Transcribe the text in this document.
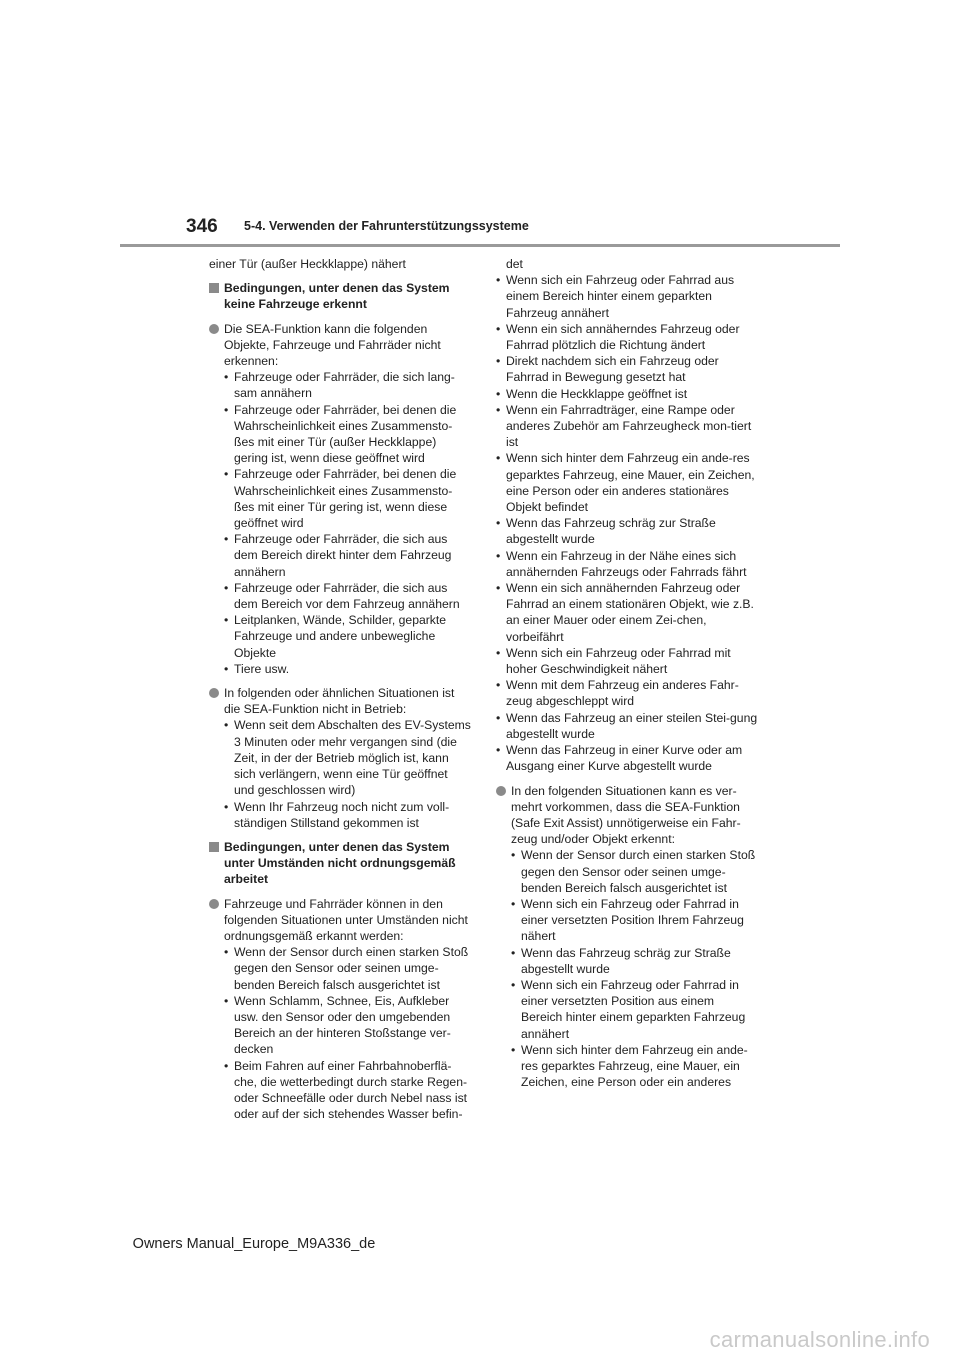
346 5-4. Verwenden der Fahrunterstützungssysteme
einer Tür (außer Heckklappe) nähert
Bedingungen, unter denen das System keine Fahrzeuge erkennt
Die SEA-Funktion kann die folgenden Objekte, Fahrzeuge und Fahrräder nicht erkennen:
• Fahrzeuge oder Fahrräder, die sich lang-sam annähern
• Fahrzeuge oder Fahrräder, bei denen die Wahrscheinlichkeit eines Zusammensto-ßes mit einer Tür (außer Heckklappe) gering ist, wenn diese geöffnet wird
• Fahrzeuge oder Fahrräder, bei denen die Wahrscheinlichkeit eines Zusammensto-ßes mit einer Tür gering ist, wenn diese geöffnet wird
• Fahrzeuge oder Fahrräder, die sich aus dem Bereich direkt hinter dem Fahrzeug annähern
• Fahrzeuge oder Fahrräder, die sich aus dem Bereich vor dem Fahrzeug annähern
• Leitplanken, Wände, Schilder, geparkte Fahrzeuge und andere unbewegliche Objekte
• Tiere usw.
In folgenden oder ähnlichen Situationen ist die SEA-Funktion nicht in Betrieb:
• Wenn seit dem Abschalten des EV-Systems 3 Minuten oder mehr vergangen sind (die Zeit, in der der Betrieb möglich ist, kann sich verlängern, wenn eine Tür geöffnet und geschlossen wird)
• Wenn Ihr Fahrzeug noch nicht zum voll-ständigen Stillstand gekommen ist
Bedingungen, unter denen das System unter Umständen nicht ordnungsgemäß arbeitet
Fahrzeuge und Fahrräder können in den folgenden Situationen unter Umständen nicht ordnungsgemäß erkannt werden:
• Wenn der Sensor durch einen starken Stoß gegen den Sensor oder seinen umge-benden Bereich falsch ausgerichtet ist
• Wenn Schlamm, Schnee, Eis, Aufkleber usw. den Sensor oder den umgebenden Bereich an der hinteren Stoßstange ver-decken
• Beim Fahren auf einer Fahrbahnoberflä-che, die wetterbedingt durch starke Regen-oder Schneefälle oder durch Nebel nass ist oder auf der sich stehendes Wasser befin-
det
• Wenn sich ein Fahrzeug oder Fahrrad aus einem Bereich hinter einem geparkten Fahrzeug annähert
• Wenn ein sich annäherndes Fahrzeug oder Fahrrad plötzlich die Richtung ändert
• Direkt nachdem sich ein Fahrzeug oder Fahrrad in Bewegung gesetzt hat
• Wenn die Heckklappe geöffnet ist
• Wenn ein Fahrradträger, eine Rampe oder anderes Zubehör am Fahrzeugheck mon-tiert ist
• Wenn sich hinter dem Fahrzeug ein ande-res geparktes Fahrzeug, eine Mauer, ein Zeichen, eine Person oder ein anderes stationäres Objekt befindet
• Wenn das Fahrzeug schräg zur Straße abgestellt wurde
• Wenn ein Fahrzeug in der Nähe eines sich annähernden Fahrzeugs oder Fahrrads fährt
• Wenn ein sich annähernden Fahrzeug oder Fahrrad an einem stationären Objekt, wie z.B. an einer Mauer oder einem Zei-chen, vorbeifährt
• Wenn sich ein Fahrzeug oder Fahrrad mit hoher Geschwindigkeit nähert
• Wenn mit dem Fahrzeug ein anderes Fahr-zeug abgeschleppt wird
• Wenn das Fahrzeug an einer steilen Stei-gung abgestellt wurde
• Wenn das Fahrzeug in einer Kurve oder am Ausgang einer Kurve abgestellt wurde
In den folgenden Situationen kann es ver-mehrt vorkommen, dass die SEA-Funktion (Safe Exit Assist) unnötigerweise ein Fahr-zeug und/oder Objekt erkennt:
• Wenn der Sensor durch einen starken Stoß gegen den Sensor oder seinen umge-benden Bereich falsch ausgerichtet ist
• Wenn sich ein Fahrzeug oder Fahrrad in einer versetzten Position Ihrem Fahrzeug nähert
• Wenn das Fahrzeug schräg zur Straße abgestellt wurde
• Wenn sich ein Fahrzeug oder Fahrrad in einer versetzten Position aus einem Bereich hinter einem geparkten Fahrzeug annähert
• Wenn sich hinter dem Fahrzeug ein ande-res geparktes Fahrzeug, eine Mauer, ein Zeichen, eine Person oder ein anderes
Owners Manual_Europe_M9A336_de
carmanualsonline.info
